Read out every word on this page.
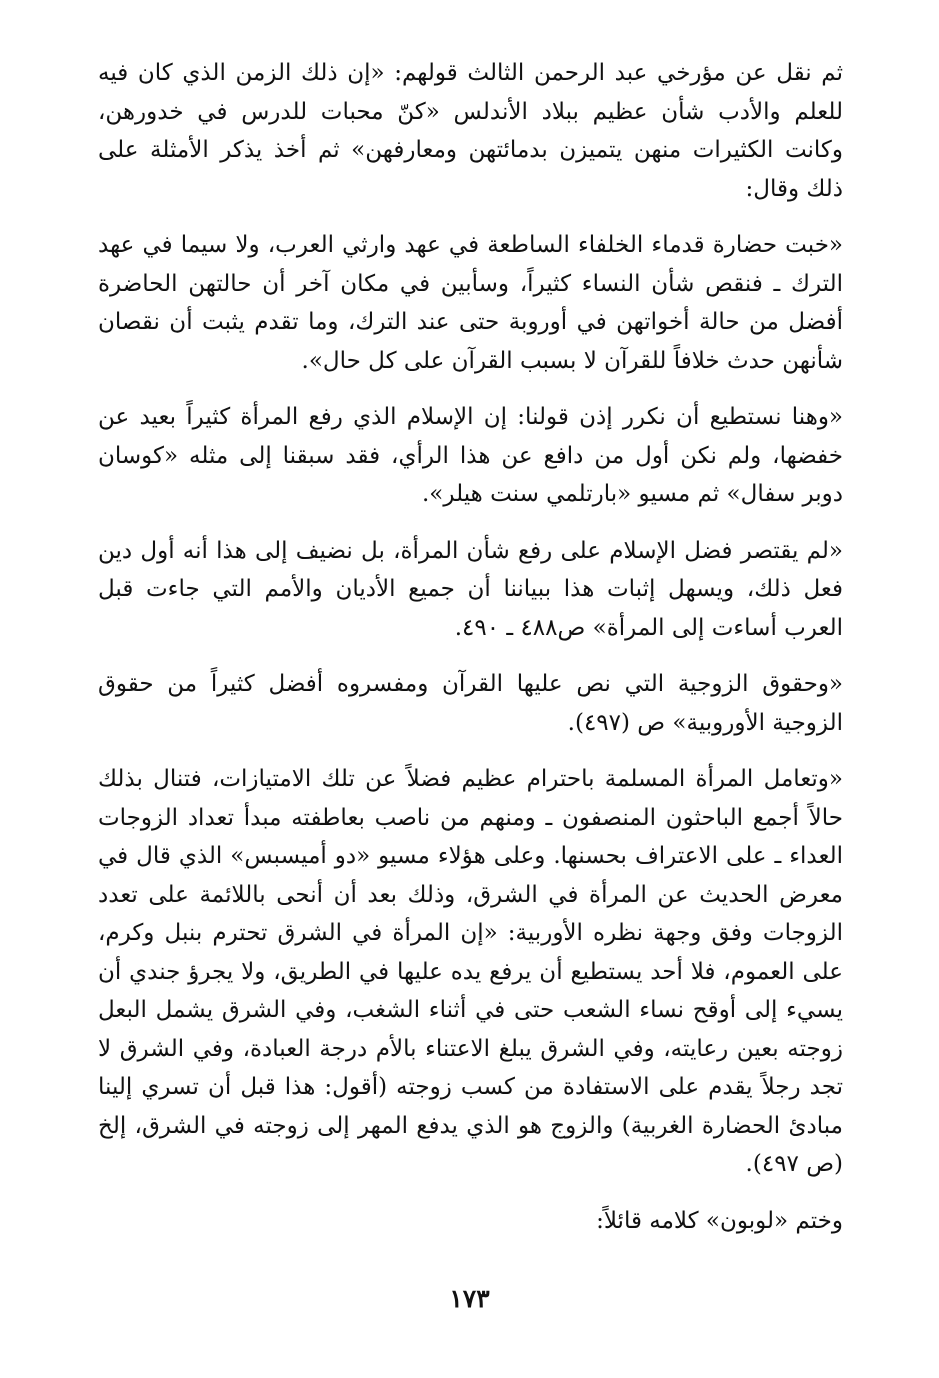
ثم نقل عن مؤرخي عبد الرحمن الثالث قولهم: «إن ذلك الزمن الذي كان فيه للعلم والأدب شأن عظيم ببلاد الأندلس «كنّ محبات للدرس في خدورهن، وكانت الكثيرات منهن يتميزن بدمائتهن ومعارفهن» ثم أخذ يذكر الأمثلة على ذلك وقال:

«خبت حضارة قدماء الخلفاء الساطعة في عهد وارثي العرب، ولا سيما في عهد الترك ـ فنقص شأن النساء كثيراً، وسأبين في مكان آخر أن حالتهن الحاضرة أفضل من حالة أخواتهن في أوروبة حتى عند الترك، وما تقدم يثبت أن نقصان شأنهن حدث خلافاً للقرآن لا بسبب القرآن على كل حال».

«وهنا نستطيع أن نكرر إذن قولنا: إن الإسلام الذي رفع المرأة كثيراً بعيد عن خفضها، ولم نكن أول من دافع عن هذا الرأي، فقد سبقنا إلى مثله «كوسان دوبر سفال» ثم مسيو «بارتلمي سنت هيلر».

«لم يقتصر فضل الإسلام على رفع شأن المرأة، بل نضيف إلى هذا أنه أول دين فعل ذلك، ويسهل إثبات هذا ببياننا أن جميع الأديان والأمم التي جاءت قبل العرب أساءت إلى المرأة» ص٤٨٨ ـ ٤٩٠.

«وحقوق الزوجية التي نص عليها القرآن ومفسروه أفضل كثيراً من حقوق الزوجية الأوروبية» ص (٤٩٧).

«وتعامل المرأة المسلمة باحترام عظيم فضلاً عن تلك الامتيازات، فتنال بذلك حالاً أجمع الباحثون المنصفون ـ ومنهم من ناصب بعاطفته مبدأ تعداد الزوجات العداء ـ على الاعتراف بحسنها. وعلى هؤلاء مسيو «دو أميسبس» الذي قال في معرض الحديث عن المرأة في الشرق، وذلك بعد أن أنحى باللائمة على تعدد الزوجات وفق وجهة نظره الأوربية: «إن المرأة في الشرق تحترم بنبل وكرم، على العموم، فلا أحد يستطيع أن يرفع يده عليها في الطريق، ولا يجرؤ جندي أن يسيء إلى أوقح نساء الشعب حتى في أثناء الشغب، وفي الشرق يشمل البعل زوجته بعين رعايته، وفي الشرق يبلغ الاعتناء بالأم درجة العبادة، وفي الشرق لا تجد رجلاً يقدم على الاستفادة من كسب زوجته (أقول: هذا قبل أن تسري إلينا مبادئ الحضارة الغربية) والزوج هو الذي يدفع المهر إلى زوجته في الشرق، إلخ (ص ٤٩٧).

وختم «لوبون» كلامه قائلاً:

١٧٣
